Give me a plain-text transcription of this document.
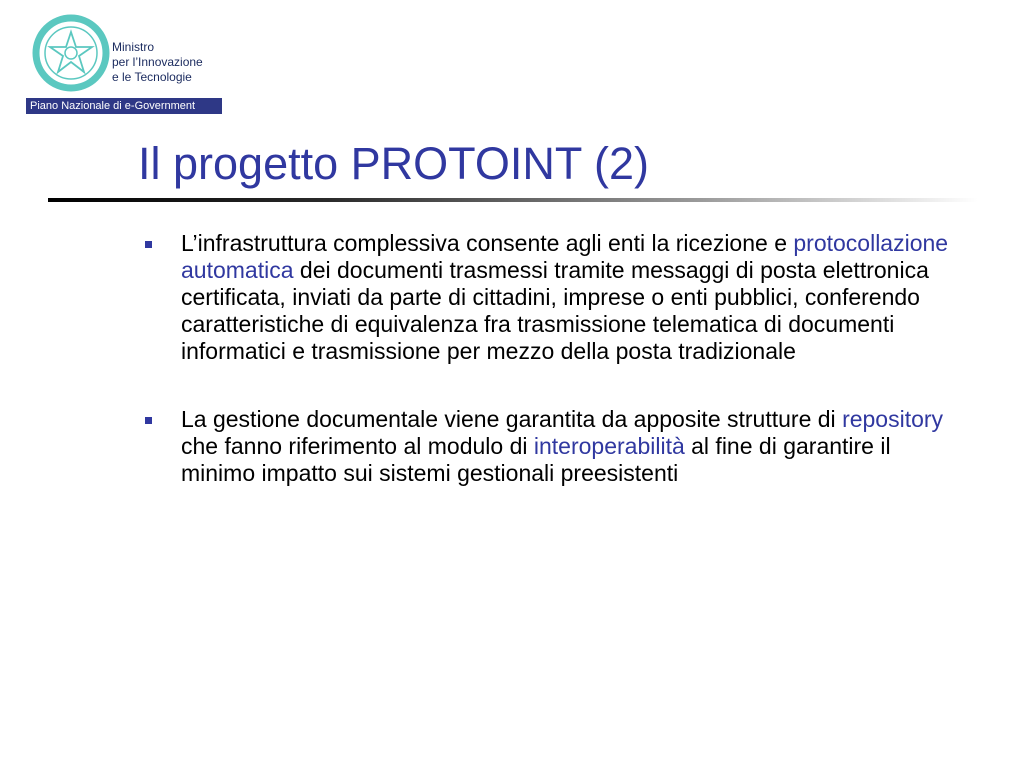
Ministro
per l’Innovazione
e le Tecnologie
Piano Nazionale di e-Government
Il progetto PROTOINT (2)
L’infrastruttura complessiva consente agli enti la ricezione e protocollazione automatica dei documenti trasmessi tramite messaggi di posta elettronica certificata, inviati da parte di cittadini, imprese o enti pubblici, conferendo caratteristiche di equivalenza fra trasmissione telematica di documenti informatici e trasmissione per mezzo della posta tradizionale
La gestione documentale viene garantita da apposite strutture di repository che fanno riferimento al modulo di interoperabilità al fine di garantire il minimo impatto sui sistemi gestionali preesistenti
